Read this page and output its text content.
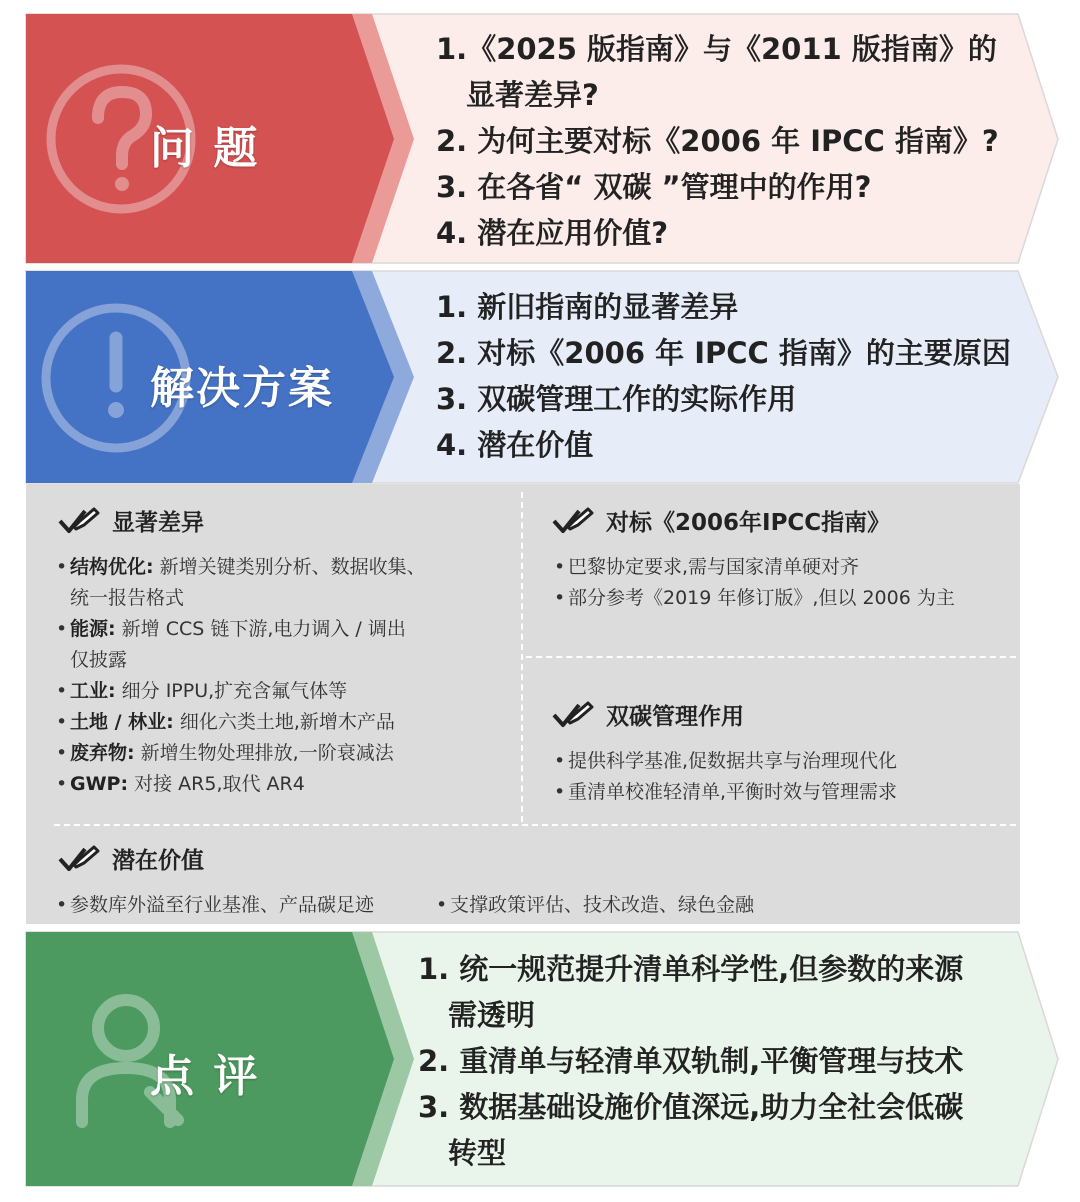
问 题
解决方案
点 评
1.《2025 版指南》与《2011 版指南》的
显著差异?
2. 为何主要对标《2006 年 IPCC 指南》?
3. 在各省“ 双碳 ”管理中的作用?
4. 潜在应用价值?
1. 新旧指南的显著差异
2. 对标《2006 年 IPCC 指南》的主要原因
3. 双碳管理工作的实际作用
4. 潜在价值
显著差异
• 结构优化: 新增关键类别分析、数据收集、
统一报告格式
• 能源: 新增 CCS 链下游,电力调入 / 调出
仅披露
• 工业: 细分 IPPU,扩充含氟气体等
• 土地 / 林业: 细化六类土地,新增木产品
• 废弃物: 新增生物处理排放,一阶衰减法
• GWP: 对接 AR5,取代 AR4
对标《2006年IPCC指南》
• 巴黎协定要求,需与国家清单硬对齐
• 部分参考《2019 年修订版》,但以 2006 为主
双碳管理作用
• 提供科学基准,促数据共享与治理现代化
• 重清单校准轻清单,平衡时效与管理需求
潜在价值
• 参数库外溢至行业基准、产品碳足迹	• 支撑政策评估、技术改造、绿色金融
1. 统一规范提升清单科学性,但参数的来源
需透明
2. 重清单与轻清单双轨制,平衡管理与技术
3. 数据基础设施价值深远,助力全社会低碳
转型
